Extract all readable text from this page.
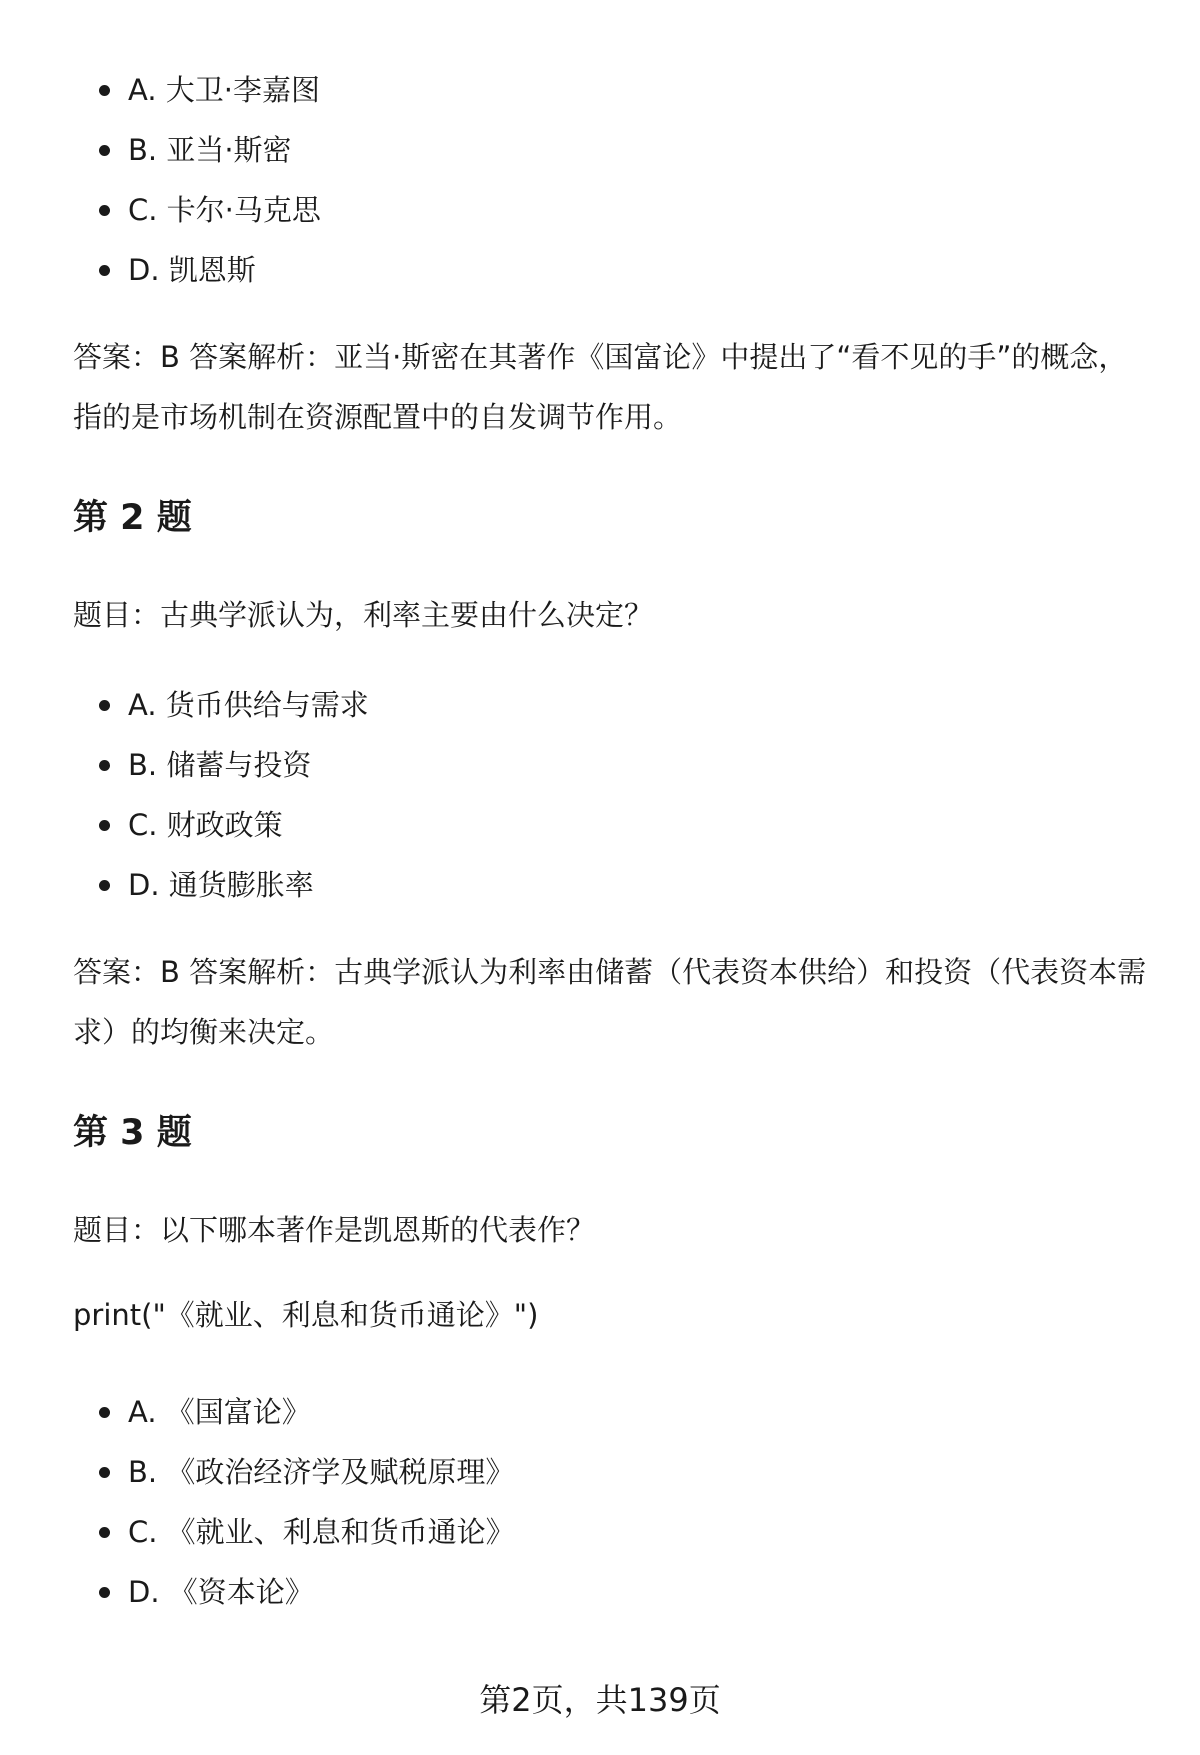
A. 大卫·李嘉图
B. 亚当·斯密
C. 卡尔·马克思
D. 凯恩斯

答案：B 答案解析：亚当·斯密在其著作《国富论》中提出了“看不见的手”的概念，指的是市场机制在资源配置中的自发调节作用。

第 2 题

题目：古典学派认为，利率主要由什么决定？

A. 货币供给与需求
B. 储蓄与投资
C. 财政政策
D. 通货膨胀率

答案：B 答案解析：古典学派认为利率由储蓄（代表资本供给）和投资（代表资本需求）的均衡来决定。

第 3 题

题目：以下哪本著作是凯恩斯的代表作？

print("《就业、利息和货币通论》")

A. 《国富论》
B. 《政治经济学及赋税原理》
C. 《就业、利息和货币通论》
D. 《资本论》
第2页，共139页
